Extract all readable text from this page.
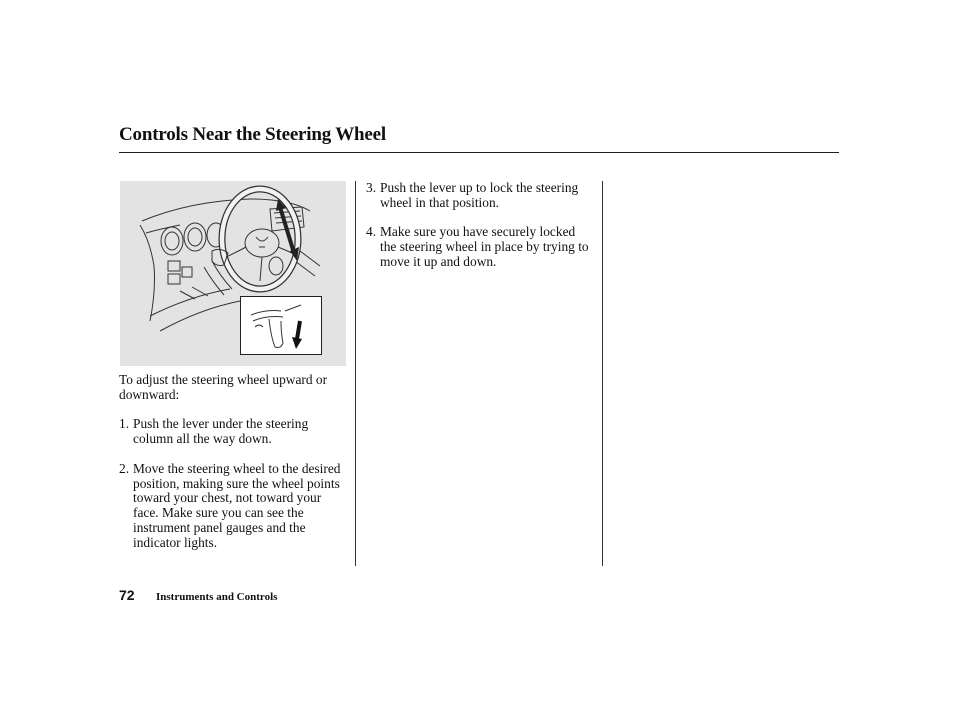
Controls Near the Steering Wheel

To adjust the steering wheel upward or downward:

1. Push the lever under the steering column all the way down.
2. Move the steering wheel to the desired position, making sure the wheel points toward your chest, not toward your face. Make sure you can see the instrument panel gauges and the indicator lights.
3. Push the lever up to lock the steering wheel in that position.
4. Make sure you have securely locked the steering wheel in place by trying to move it up and down.
72 Instruments and Controls
